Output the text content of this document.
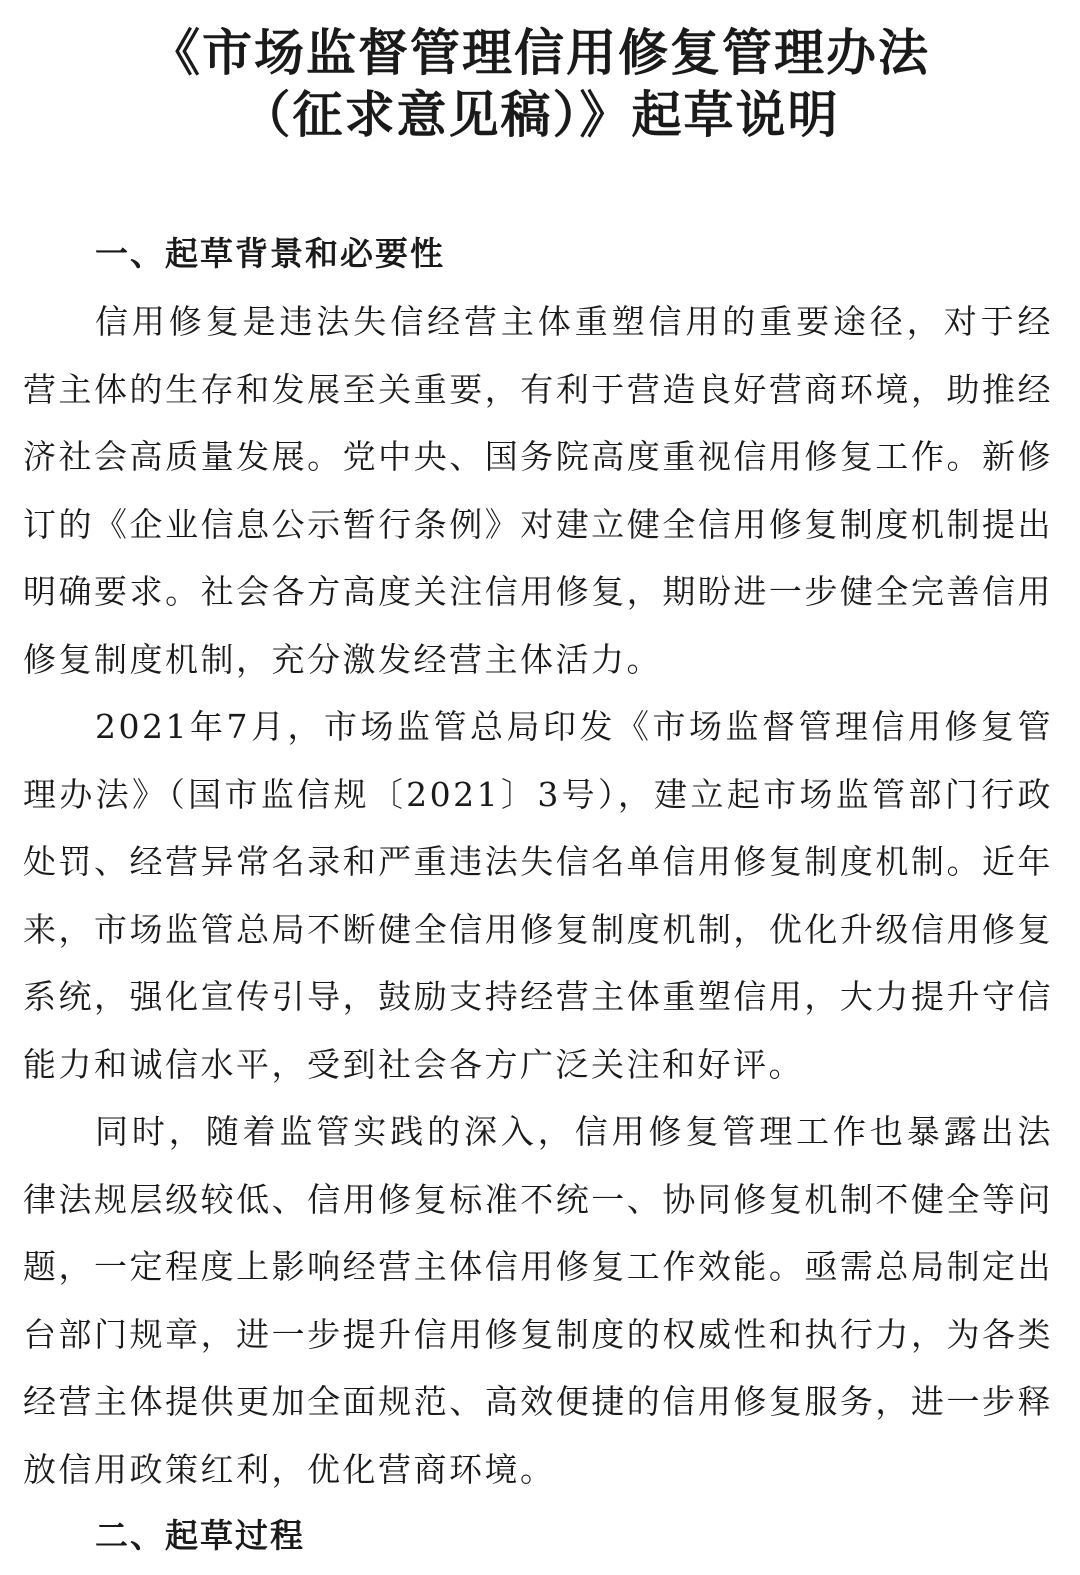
《市场监督管理信用修复管理办法
（征求意见稿）》起草说明
一、起草背景和必要性
信用修复是违法失信经营主体重塑信用的重要途径，对于经营主体的生存和发展至关重要，有利于营造良好营商环境，助推经济社会高质量发展。党中央、国务院高度重视信用修复工作。新修订的《企业信息公示暂行条例》对建立健全信用修复制度机制提出明确要求。社会各方高度关注信用修复，期盼进一步健全完善信用修复制度机制，充分激发经营主体活力。
2021年7月，市场监管总局印发《市场监督管理信用修复管理办法》（国市监信规〔2021〕3号），建立起市场监管部门行政处罚、经营异常名录和严重违法失信名单信用修复制度机制。近年来，市场监管总局不断健全信用修复制度机制，优化升级信用修复系统，强化宣传引导，鼓励支持经营主体重塑信用，大力提升守信能力和诚信水平，受到社会各方广泛关注和好评。
同时，随着监管实践的深入，信用修复管理工作也暴露出法律法规层级较低、信用修复标准不统一、协同修复机制不健全等问题，一定程度上影响经营主体信用修复工作效能。亟需总局制定出台部门规章，进一步提升信用修复制度的权威性和执行力，为各类经营主体提供更加全面规范、高效便捷的信用修复服务，进一步释放信用政策红利，优化营商环境。
二、起草过程
